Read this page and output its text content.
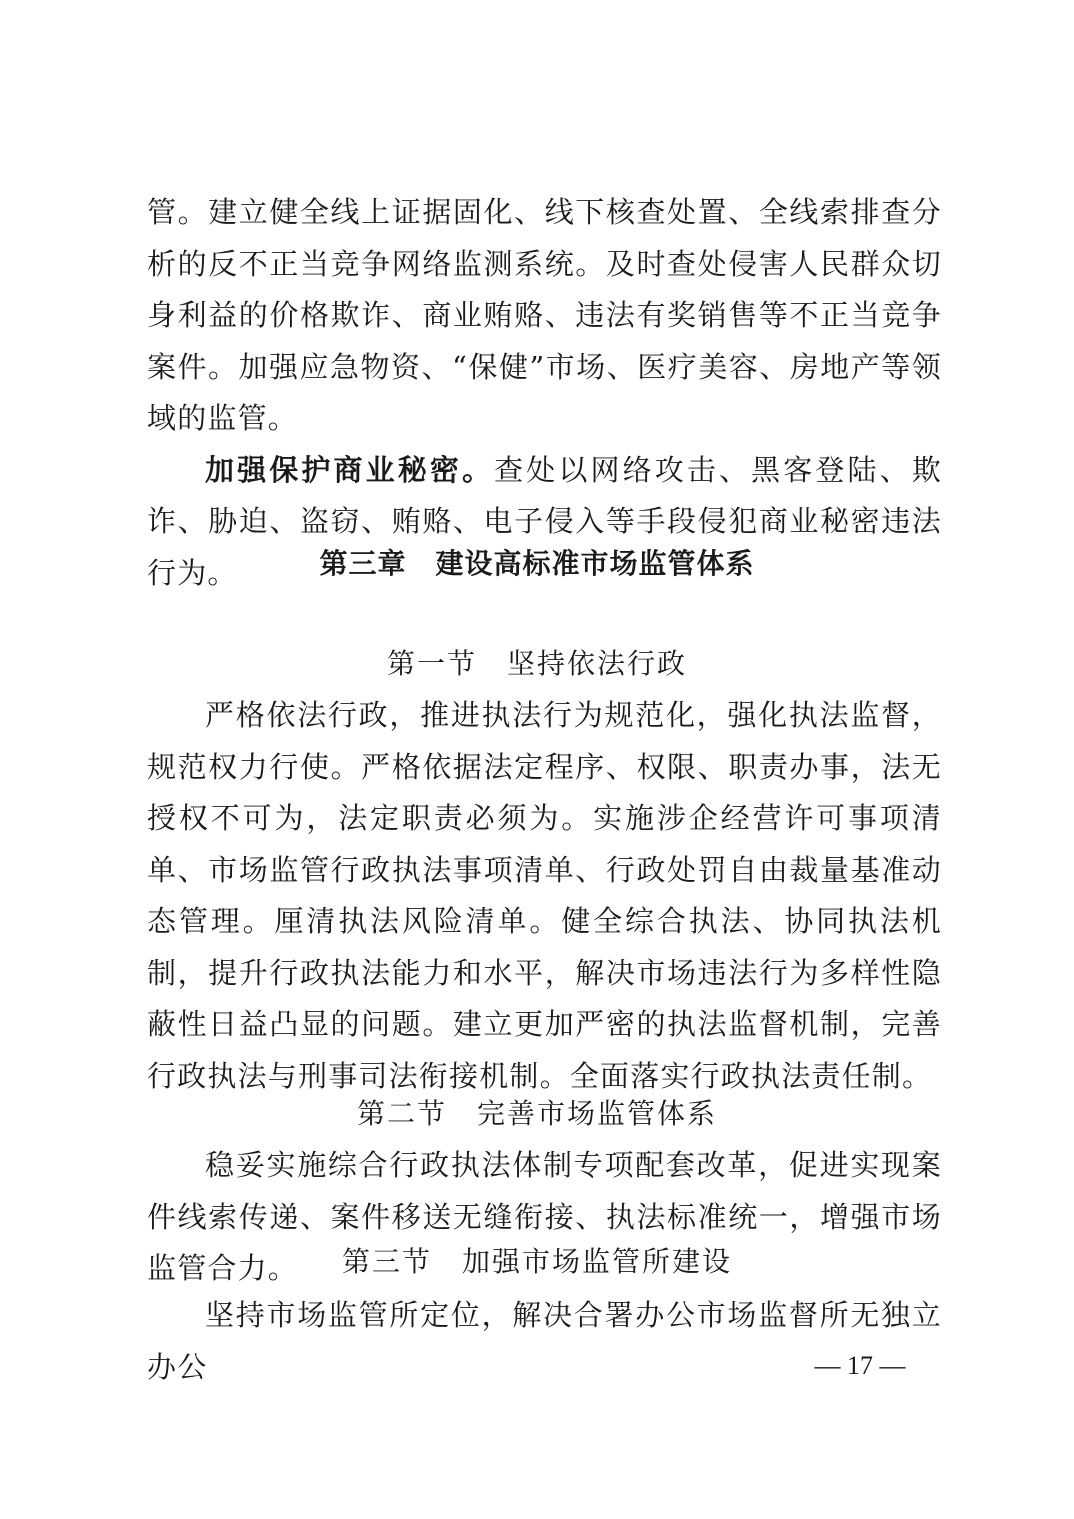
管。建立健全线上证据固化、线下核查处置、全线索排查分析的反不正当竞争网络监测系统。及时查处侵害人民群众切身利益的价格欺诈、商业贿赂、违法有奖销售等不正当竞争案件。加强应急物资、“保健”市场、医疗美容、房地产等领域的监管。

加强保护商业秘密。查处以网络攻击、黑客登陆、欺诈、胁迫、盗窃、贿赂、电子侵入等手段侵犯商业秘密违法行为。	第三章　建设高标准市场监管体系
第一节　坚持依法行政

严格依法行政，推进执法行为规范化，强化执法监督，规范权力行使。严格依据法定程序、权限、职责办事，法无授权不可为，法定职责必须为。实施涉企经营许可事项清单、市场监管行政执法事项清单、行政处罚自由裁量基准动态管理。厘清执法风险清单。健全综合执法、协同执法机制，提升行政执法能力和水平，解决市场违法行为多样性隐蔽性日益凸显的问题。建立更加严密的执法监督机制，完善行政执法与刑事司法衔接机制。全面落实行政执法责任制。

第二节　完善市场监管体系

稳妥实施综合行政执法体制专项配套改革，促进实现案件线索传递、案件移送无缝衔接、执法标准统一，增强市场监管合力。	第三节　加强市场监管所建设

坚持市场监管所定位，解决合署办公市场监督所无独立办公	— 17 —
